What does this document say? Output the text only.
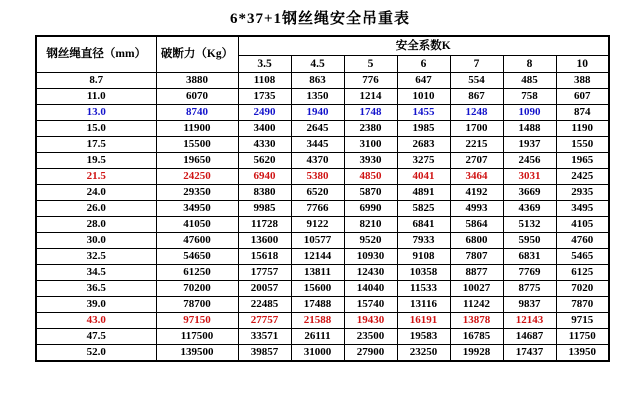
6*37+1钢丝绳安全吊重表
钢丝绳直径（mm）	破断力（Kg）	安全系数K						
		3.5	4.5	5	6	7	8	10
8.7	3880	1108	863	776	647	554	485	388
11.0	6070	1735	1350	1214	1010	867	758	607
13.0	8740	2490	1940	1748	1455	1248	1090	874
15.0	11900	3400	2645	2380	1985	1700	1488	1190
17.5	15500	4330	3445	3100	2683	2215	1937	1550
19.5	19650	5620	4370	3930	3275	2707	2456	1965
21.5	24250	6940	5380	4850	4041	3464	3031	2425
24.0	29350	8380	6520	5870	4891	4192	3669	2935
26.0	34950	9985	7766	6990	5825	4993	4369	3495
28.0	41050	11728	9122	8210	6841	5864	5132	4105
30.0	47600	13600	10577	9520	7933	6800	5950	4760
32.5	54650	15618	12144	10930	9108	7807	6831	5465
34.5	61250	17757	13811	12430	10358	8877	7769	6125
36.5	70200	20057	15600	14040	11533	10027	8775	7020
39.0	78700	22485	17488	15740	13116	11242	9837	7870
43.0	97150	27757	21588	19430	16191	13878	12143	9715
47.5	117500	33571	26111	23500	19583	16785	14687	11750
52.0	139500	39857	31000	27900	23250	19928	17437	13950
